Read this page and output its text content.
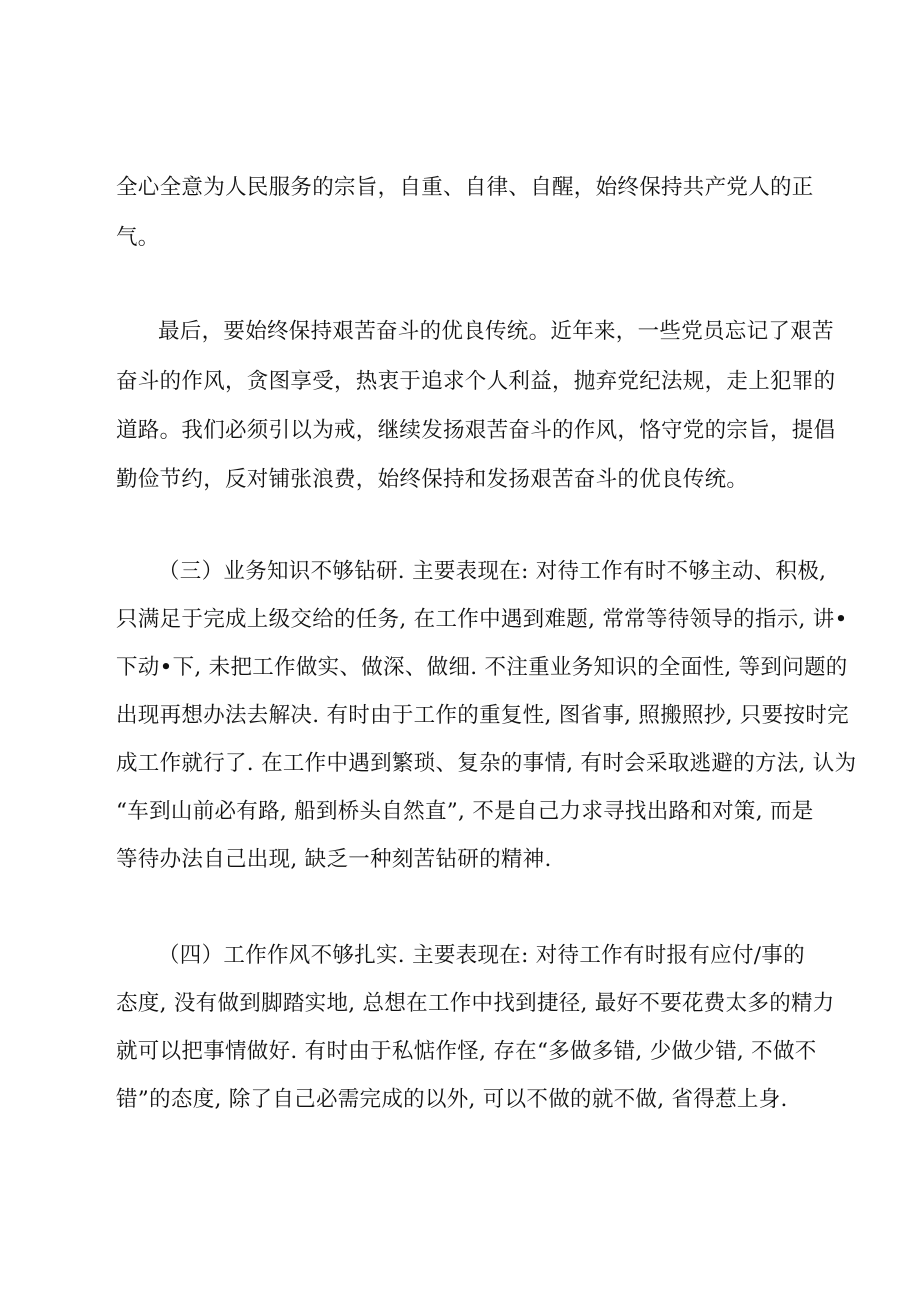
全心全意为人民服务的宗旨，自重、自律、自醒，始终保持共产党人的正
气。
最后，要始终保持艰苦奋斗的优良传统。近年来，一些党员忘记了艰苦
奋斗的作风，贪图享受，热衷于追求个人利益，抛弃党纪法规，走上犯罪的
道路。我们必须引以为戒，继续发扬艰苦奋斗的作风，恪守党的宗旨，提倡
勤俭节约，反对铺张浪费，始终保持和发扬艰苦奋斗的优良传统。
（三）业务知识不够钻研. 主要表现在: 对待工作有时不够主动、积极,
只满足于完成上级交给的任务, 在工作中遇到难题, 常常等待领导的指示, 讲•
下动•下, 未把工作做实、做深、做细. 不注重业务知识的全面性, 等到问题的
出现再想办法去解决. 有时由于工作的重复性, 图省事, 照搬照抄, 只要按时完
成工作就行了. 在工作中遇到繁琐、复杂的事情, 有时会采取逃避的方法, 认为
“车到山前必有路, 船到桥头自然直”, 不是自己力求寻找出路和对策, 而是
等待办法自己出现, 缺乏一种刻苦钻研的精神.
（四）工作作风不够扎实. 主要表现在: 对待工作有时报有应付/事的
态度, 没有做到脚踏实地, 总想在工作中找到捷径, 最好不要花费太多的精力
就可以把事情做好. 有时由于私惦作怪, 存在“多做多错, 少做少错, 不做不
错”的态度, 除了自己必需完成的以外, 可以不做的就不做, 省得惹上身.
